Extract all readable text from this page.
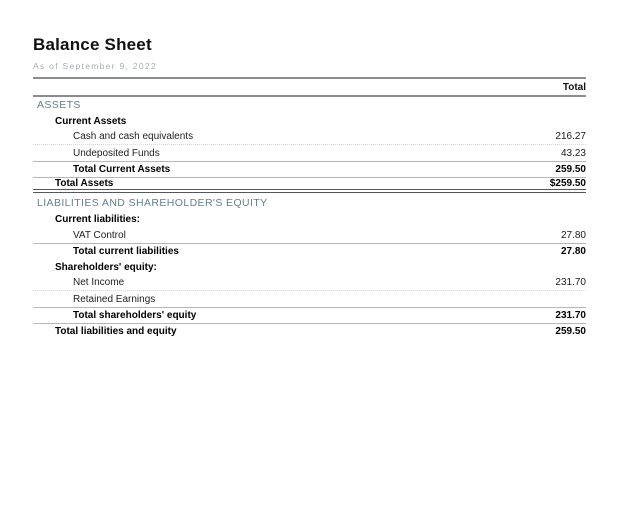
Balance Sheet
As of September 9, 2022
Total
ASSETS
Current Assets
Cash and cash equivalents	216.27
Undeposited Funds	43.23
Total Current Assets	259.50
Total Assets	$259.50
LIABILITIES AND SHAREHOLDER'S EQUITY
Current liabilities:
VAT Control	27.80
Total current liabilities	27.80
Shareholders' equity:
Net Income	231.70
Retained Earnings
Total shareholders' equity	231.70
Total liabilities and equity	259.50
